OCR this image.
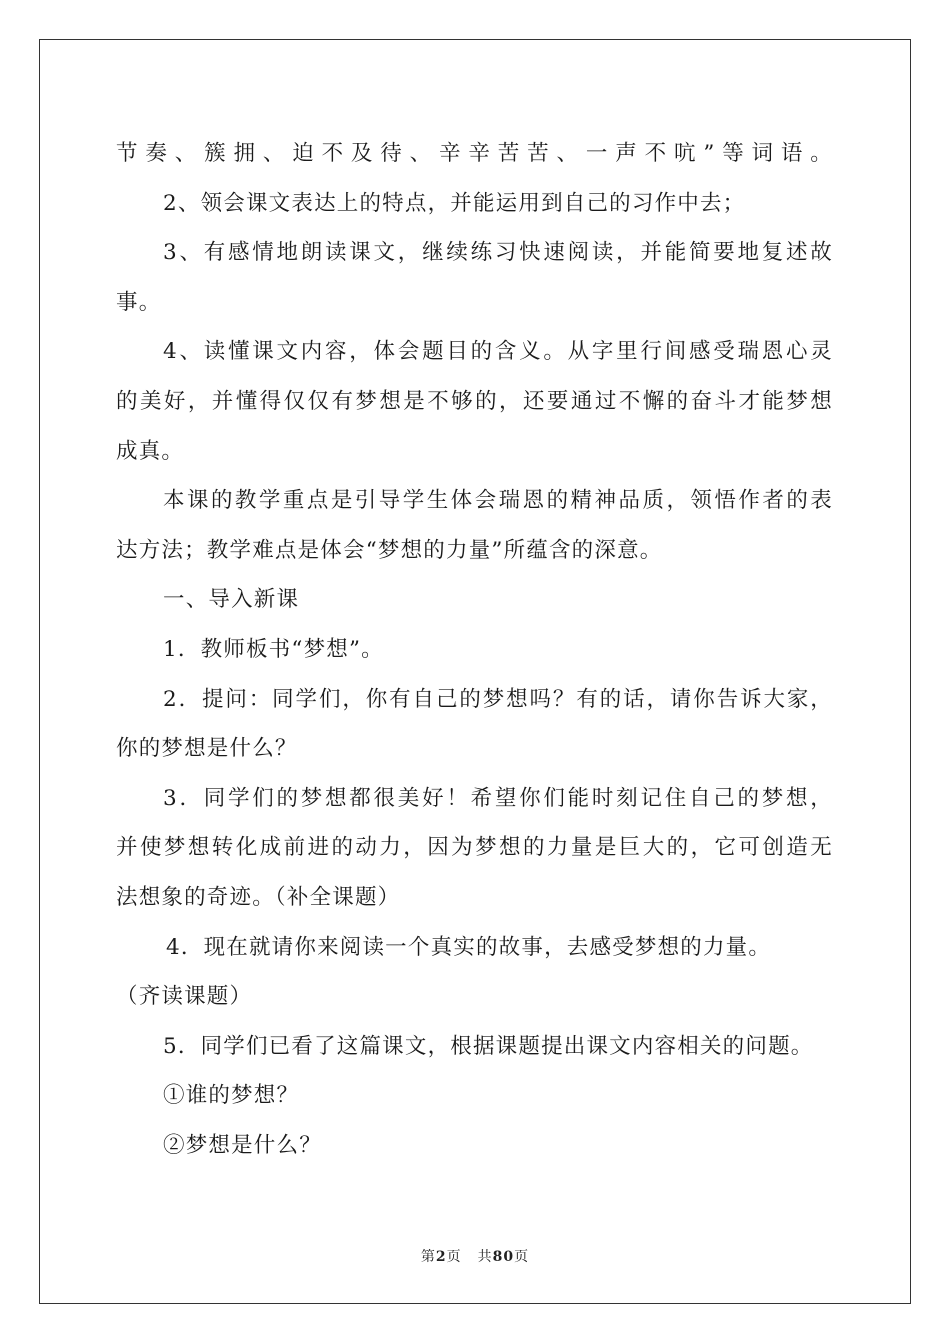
节奏、簇拥、迫不及待、辛辛苦苦、一声不吭”等词语。
2、领会课文表达上的特点，并能运用到自己的习作中去；
3、有感情地朗读课文，继续练习快速阅读，并能简要地复述故
事。
4、读懂课文内容，体会题目的含义。从字里行间感受瑞恩心灵
的美好，并懂得仅仅有梦想是不够的，还要通过不懈的奋斗才能梦想
成真。
本课的教学重点是引导学生体会瑞恩的精神品质，领悟作者的表
达方法；教学难点是体会“梦想的力量”所蕴含的深意。
一、导入新课
1．教师板书“梦想”。
2．提问：同学们，你有自己的梦想吗？有的话，请你告诉大家，
你的梦想是什么？
3．同学们的梦想都很美好！希望你们能时刻记住自己的梦想，
并使梦想转化成前进的动力，因为梦想的力量是巨大的，它可创造无
法想象的奇迹。（补全课题）
4．现在就请你来阅读一个真实的故事，去感受梦想的力量。
（齐读课题）
5．同学们已看了这篇课文，根据课题提出课文内容相关的问题。
①谁的梦想？
②梦想是什么？
第2页 共80页
